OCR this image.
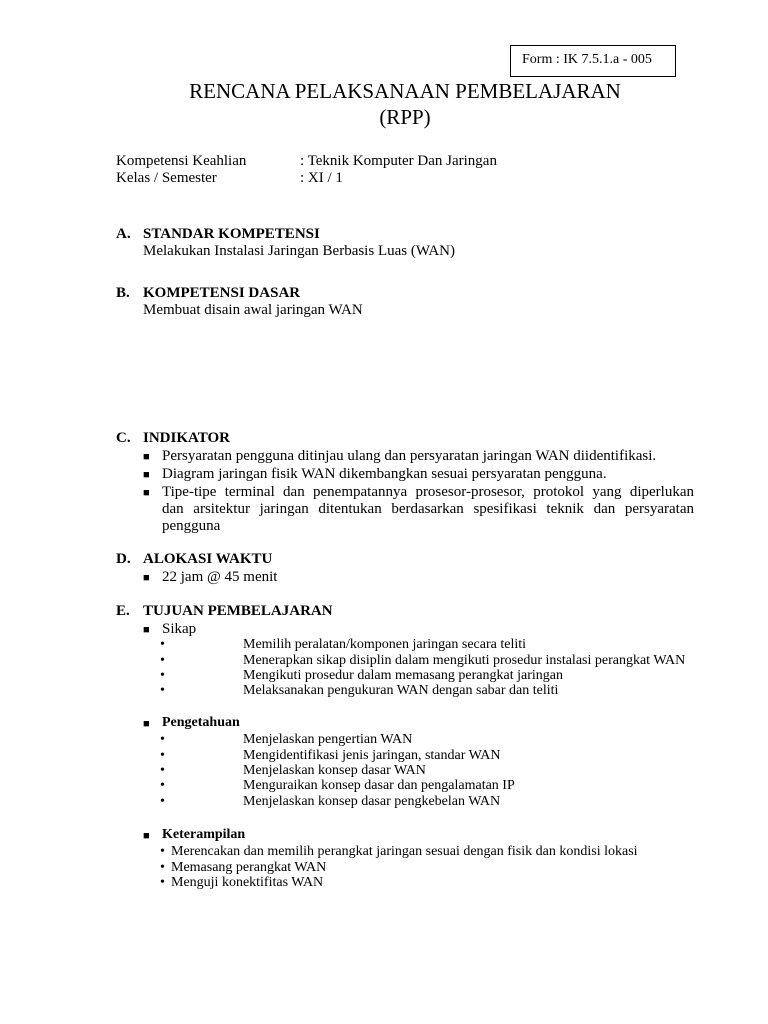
Form : IK 7.5.1.a - 005
RENCANA PELAKSANAAN PEMBELAJARAN
(RPP)
Kompetensi Keahlian	: Teknik Komputer Dan Jaringan
Kelas / Semester	: XI / 1
A. STANDAR KOMPETENSI
Melakukan Instalasi Jaringan Berbasis Luas (WAN)
B. KOMPETENSI DASAR
Membuat disain awal jaringan WAN
C. INDIKATOR
■ Persyaratan pengguna ditinjau ulang dan persyaratan jaringan WAN diidentifikasi.
■ Diagram jaringan fisik WAN dikembangkan sesuai persyaratan pengguna.
■ Tipe-tipe terminal dan penempatannya prosesor-prosesor, protokol yang diperlukan
dan arsitektur jaringan ditentukan berdasarkan spesifikasi teknik dan persyaratan
pengguna
D. ALOKASI WAKTU
■ 22 jam @ 45 menit
E. TUJUAN PEMBELAJARAN
■ Sikap
•	Memilih peralatan/komponen jaringan secara teliti
•	Menerapkan sikap disiplin dalam mengikuti prosedur instalasi perangkat WAN
•	Mengikuti prosedur dalam memasang perangkat jaringan
•	Melaksanakan pengukuran WAN dengan sabar dan teliti
■ Pengetahuan
•	Menjelaskan pengertian WAN
•	Mengidentifikasi jenis jaringan, standar WAN
•	Menjelaskan konsep dasar WAN
•	Menguraikan konsep dasar dan pengalamatan IP
•	Menjelaskan konsep dasar pengkebelan WAN
■ Keterampilan
• Merencakan dan memilih perangkat jaringan sesuai dengan fisik dan kondisi lokasi
• Memasang perangkat WAN
• Menguji konektifitas WAN
